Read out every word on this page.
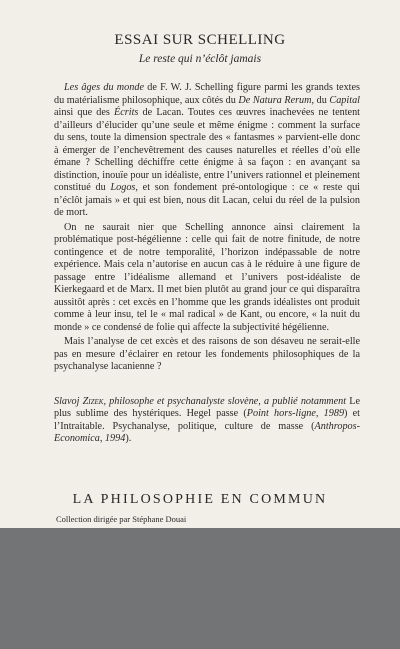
ESSAI SUR SCHELLING
Le reste qui n’éclôt jamais

Les âges du monde de F. W. J. Schelling figure parmi les grands textes du matérialisme philosophique, aux côtés du De Natura Rerum, du Capital ainsi que des Écrits de Lacan. Toutes ces œuvres inachevées ne tentent d’ailleurs d’élucider qu’une seule et même énigme : comment la surface du sens, toute la dimension spectrale des « fantasmes » parvient-elle donc à émerger de l’enchevêtrement des causes naturelles et réelles d’où elle émane ? Schelling déchiffre cette énigme à sa façon : en avançant sa distinction, inouïe pour un idéaliste, entre l’univers rationnel et pleinement constitué du Logos, et son fondement pré-ontologique : ce « reste qui n’éclôt jamais » et qui est bien, nous dit Lacan, celui du réel de la pulsion de mort.

On ne saurait nier que Schelling annonce ainsi clairement la problématique post-hégélienne : celle qui fait de notre finitude, de notre contingence et de notre temporalité, l’horizon indépassable de notre expérience. Mais cela n’autorise en aucun cas à le réduire à une figure de passage entre l’idéalisme allemand et l’univers post-idéaliste de Kierkegaard et de Marx. Il met bien plutôt au grand jour ce qui disparaîtra aussitôt après : cet excès en l’homme que les grands idéalistes ont produit comme à leur insu, tel le « mal radical » de Kant, ou encore, « la nuit du monde » ce condensé de folie qui affecte la subjectivité hégélienne.

Mais l’analyse de cet excès et des raisons de son désaveu ne serait-elle pas en mesure d’éclairer en retour les fondements philosophiques de la psychanalyse lacanienne ?

Slavoj Zizek, philosophe et psychanalyste slovène, a publié notamment Le plus sublime des hystériques. Hegel passe (Point hors-ligne, 1989) et l’Intraitable. Psychanalyse, politique, culture de masse (Anthropos-Economica, 1994).

LA PHILOSOPHIE EN COMMUN
Collection dirigée par Stéphane Douai
